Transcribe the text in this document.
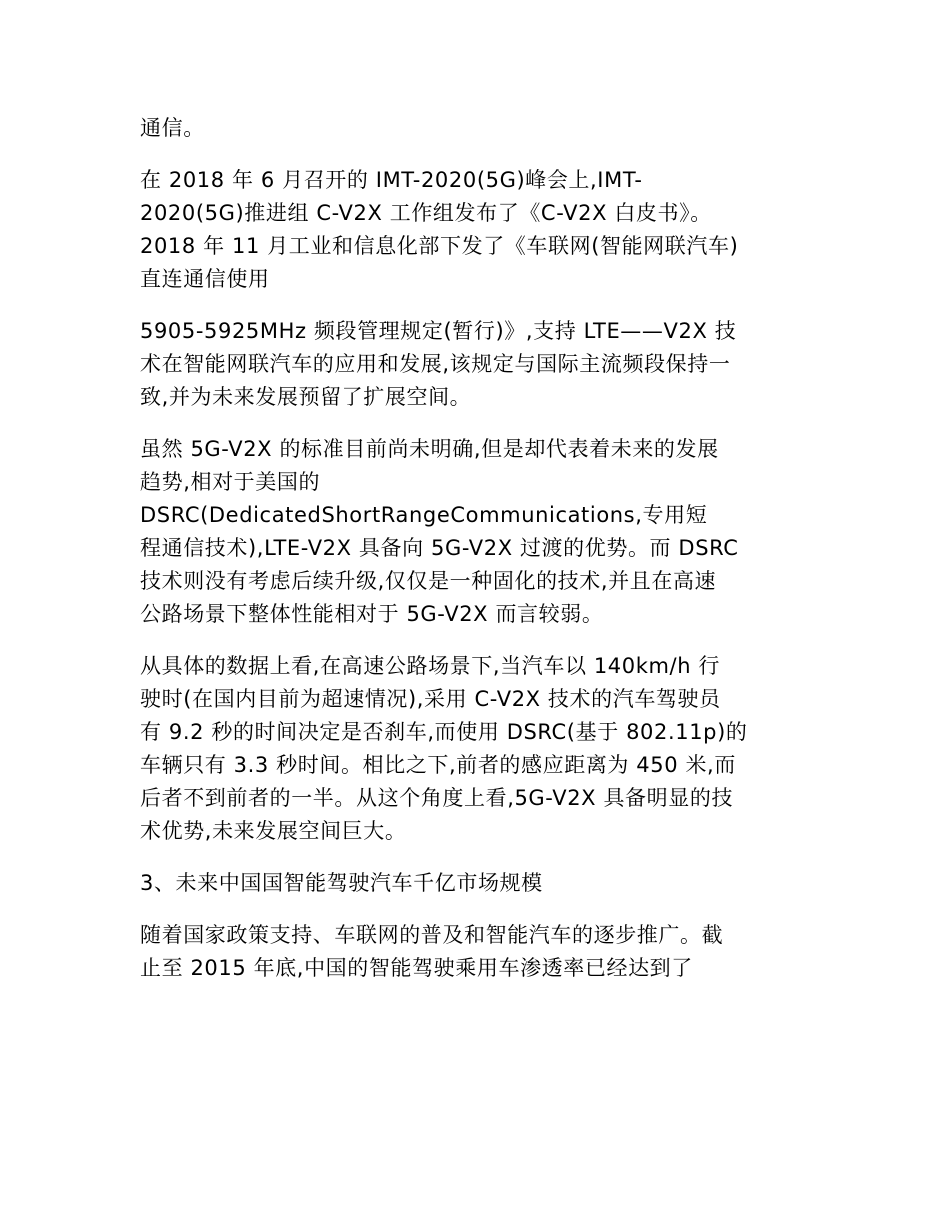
通信。
在 2018 年 6 月召开的 IMT-2020(5G)峰会上,IMT-
2020(5G)推进组 C-V2X 工作组发布了《C-V2X 白皮书》。
2018 年 11 月工业和信息化部下发了《车联网(智能网联汽车)
直连通信使用
5905-5925MHz 频段管理规定(暂行)》,支持 LTE——V2X 技
术在智能网联汽车的应用和发展,该规定与国际主流频段保持一
致,并为未来发展预留了扩展空间。
虽然 5G-V2X 的标准目前尚未明确,但是却代表着未来的发展
趋势,相对于美国的
DSRC(DedicatedShortRangeCommunications,专用短
程通信技术),LTE-V2X 具备向 5G-V2X 过渡的优势。而 DSRC
技术则没有考虑后续升级,仅仅是一种固化的技术,并且在高速
公路场景下整体性能相对于 5G-V2X 而言较弱。
从具体的数据上看,在高速公路场景下,当汽车以 140km/h 行
驶时(在国内目前为超速情况),采用 C-V2X 技术的汽车驾驶员
有 9.2 秒的时间决定是否刹车,而使用 DSRC(基于 802.11p)的
车辆只有 3.3 秒时间。相比之下,前者的感应距离为 450 米,而
后者不到前者的一半。从这个角度上看,5G-V2X 具备明显的技
术优势,未来发展空间巨大。
3、未来中国国智能驾驶汽车千亿市场规模
随着国家政策支持、车联网的普及和智能汽车的逐步推广。截
止至 2015 年底,中国的智能驾驶乘用车渗透率已经达到了
